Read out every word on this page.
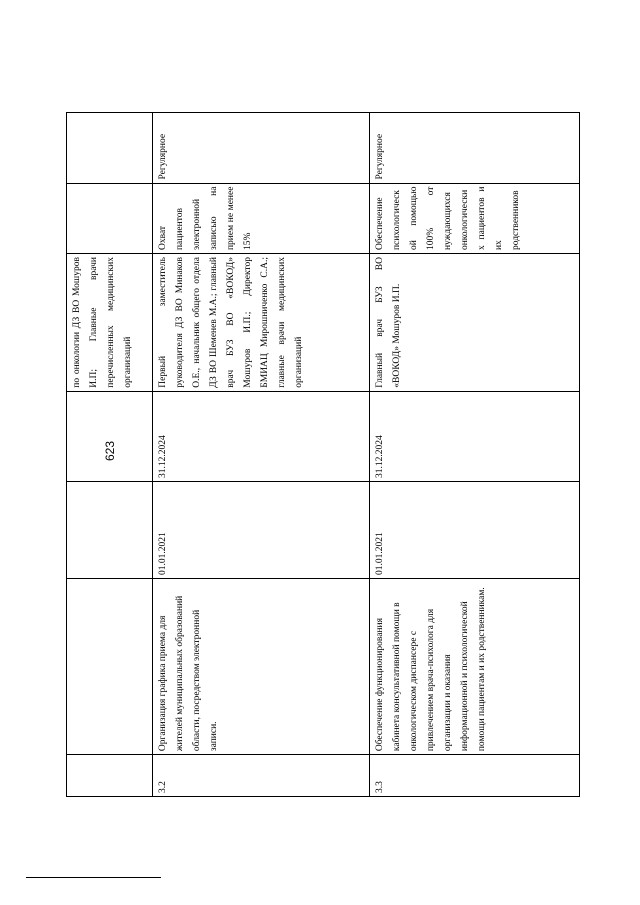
623
				по онкологии ДЗ ВО Мошуров И.П; Главные врачи перечисленных медицинских организаций		
3.2	Организация графика приема для жителей муниципальных образований области, посредством электронной записи.	01.01.2021	31.12.2024	Первый заместитель руководителя ДЗ ВО Минаков О.Е., начальник общего отдела ДЗ ВО Шеменев М.А.; главный врач БУЗ ВО «ВОКОД» Мошуров И.П.; Директор БМИАЦ Мирошниченко С.А.; главные врачи медицинских организаций	Охват пациентов электронной записью на прием не менее 15%	Регулярное
3.3	Обеспечение функционирования кабинета консультативной помощи в онкологическом диспансере с привлечением врача-психолога для организации и оказания информационной и психологической помощи пациентам и их родственникам.	01.01.2021	31.12.2024	Главный врач БУЗ ВО «ВОКОД» Мошуров И.П.	Обеспечение психологической помощью 100% от нуждающихся онкологических пациентов и их родственников	Регулярное
